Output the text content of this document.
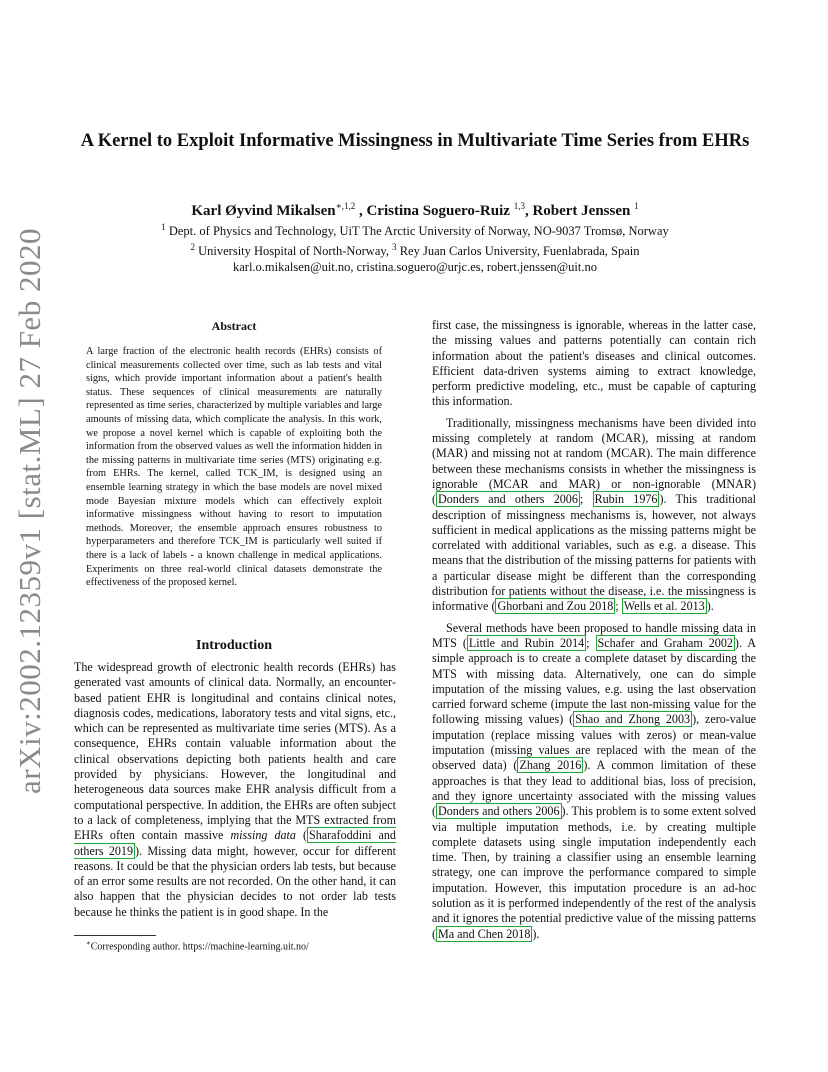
arXiv:2002.12359v1 [stat.ML] 27 Feb 2020
A Kernel to Exploit Informative Missingness in Multivariate Time Series from EHRs
Karl Øyvind Mikalsen$^{∗,1,2}$ , Cristina Soguero-Ruiz $^{1,3}$, Robert Jenssen $^1$
$^1$ Dept. of Physics and Technology, UiT The Arctic University of Norway, NO-9037 Tromsø, Norway
$^2$ University Hospital of North-Norway, $^3$ Rey Juan Carlos University, Fuenlabrada, Spain
karl.o.mikalsen@uit.no, cristina.soguero@urjc.es, robert.jenssen@uit.no
Abstract
A large fraction of the electronic health records (EHRs) consists of clinical measurements collected over time, such as lab tests and vital signs, which provide important information about a patient's health status. These sequences of clinical measurements are naturally represented as time series, characterized by multiple variables and large amounts of missing data, which complicate the analysis. In this work, we propose a novel kernel which is capable of exploiting both the information from the observed values as well the information hidden in the missing patterns in multivariate time series (MTS) originating e.g. from EHRs. The kernel, called TCK_IM, is designed using an ensemble learning strategy in which the base models are novel mixed mode Bayesian mixture models which can effectively exploit informative missingness without having to resort to imputation methods. Moreover, the ensemble approach ensures robustness to hyperparameters and therefore TCK_IM is particularly well suited if there is a lack of labels - a known challenge in medical applications. Experiments on three real-world clinical datasets demonstrate the effectiveness of the proposed kernel.
Introduction
The widespread growth of electronic health records (EHRs) has generated vast amounts of clinical data. Normally, an encounter-based patient EHR is longitudinal and contains clinical notes, diagnosis codes, medications, laboratory tests and vital signs, etc., which can be represented as multivariate time series (MTS). As a consequence, EHRs contain valuable information about the clinical observations depicting both patients health and care provided by physicians. However, the longitudinal and heterogeneous data sources make EHR analysis difficult from a computational perspective. In addition, the EHRs are often subject to a lack of completeness, implying that the MTS extracted from EHRs often contain massive missing data ( Sharafoddini and others 2019 ). Missing data might, however, occur for different reasons. It could be that the physician orders lab tests, but because of an error some results are not recorded. On the other hand, it can also happen that the physician decides to not order lab tests because he thinks the patient is in good shape. In the

first case, the missingness is ignorable, whereas in the latter case, the missing values and patterns potentially can contain rich information about the patient's diseases and clinical outcomes. Efficient data-driven systems aiming to extract knowledge, perform predictive modeling, etc., must be capable of capturing this information.

Traditionally, missingness mechanisms have been divided into missing completely at random (MCAR), missing at random (MAR) and missing not at random (MCAR). The main difference between these mechanisms consists in whether the missingness is ignorable (MCAR and MAR) or non-ignorable (MNAR) ( Donders and others 2006 ; Rubin 1976 ). This traditional description of missingness mechanisms is, however, not always sufficient in medical applications as the missing patterns might be correlated with additional variables, such as e.g. a disease. This means that the distribution of the missing patterns for patients with a particular disease might be different than the corresponding distribution for patients without the disease, i.e. the missingness is informative ( Ghorbani and Zou 2018 ; Wells et al. 2013 ).

Several methods have been proposed to handle missing data in MTS ( Little and Rubin 2014 ; Schafer and Graham 2002 ). A simple approach is to create a complete dataset by discarding the MTS with missing data. Alternatively, one can do simple imputation of the missing values, e.g. using the last observation carried forward scheme (impute the last non-missing value for the following missing values) ( Shao and Zhong 2003 ), zero-value imputation (replace missing values with zeros) or mean-value imputation (missing values are replaced with the mean of the observed data) ( Zhang 2016 ). A common limitation of these approaches is that they lead to additional bias, loss of precision, and they ignore uncertainty associated with the missing values ( Donders and others 2006 ). This problem is to some extent solved via multiple imputation methods, i.e. by creating multiple complete datasets using single imputation independently each time. Then, by training a classifier using an ensemble learning strategy, one can improve the performance compared to simple imputation. However, this imputation procedure is an ad-hoc solution as it is performed independently of the rest of the analysis and it ignores the potential predictive value of the missing patterns ( Ma and Chen 2018 ).

∗Corresponding author. https://machine-learning.uit.no/
